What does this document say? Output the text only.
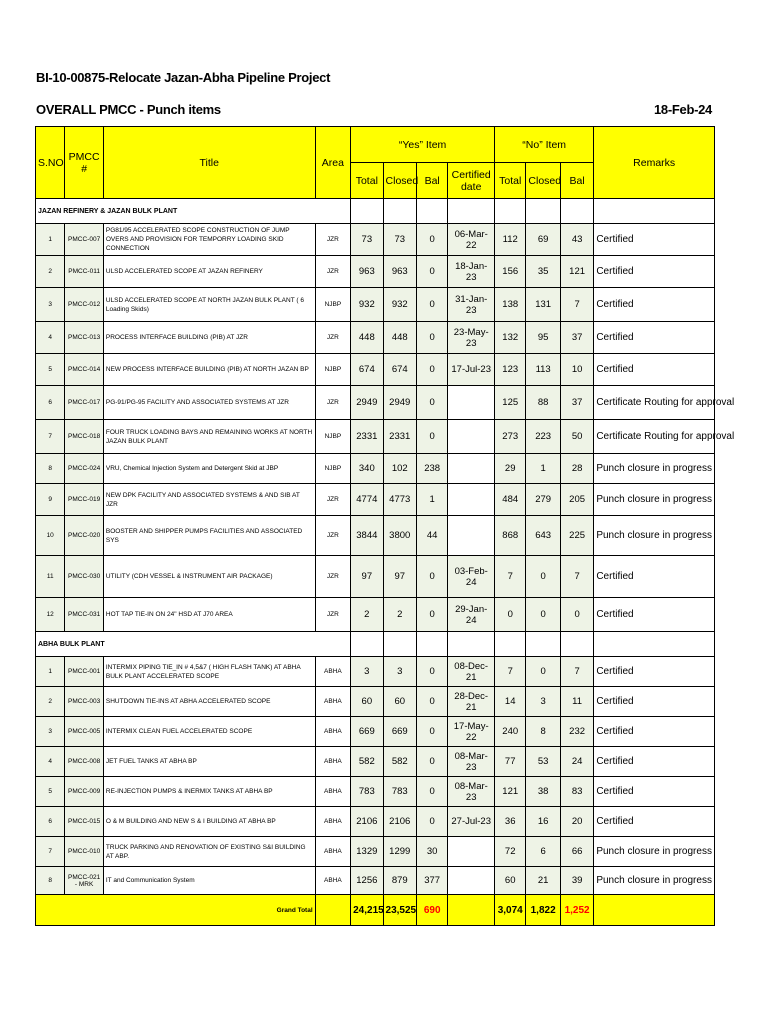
BI-10-00875-Relocate Jazan-Abha Pipeline Project
OVERALL PMCC - Punch items	18-Feb-24
S.NO	PMCC #	Title	Area	“Yes” Item				“No” Item			Remarks
				Total	Closed	Bal	Certified date	Total	Closed	Bal	
JAZAN REFINERY & JAZAN BULK PLANT											
1	PMCC-007	PG81/95 ACCELERATED SCOPE CONSTRUCTION OF JUMP OVERS AND PROVISION FOR TEMPORRY LOADING SKID CONNECTION	JZR	73	73	0	06-Mar-22	112	69	43	Certified
2	PMCC-011	ULSD ACCELERATED SCOPE AT JAZAN REFINERY	JZR	963	963	0	18-Jan-23	156	35	121	Certified
3	PMCC-012	ULSD ACCELERATED SCOPE AT NORTH JAZAN BULK PLANT ( 6 Loading Skids)	NJBP	932	932	0	31-Jan-23	138	131	7	Certified
4	PMCC-013	PROCESS INTERFACE BUILDING (PIB) AT JZR	JZR	448	448	0	23-May-23	132	95	37	Certified
5	PMCC-014	NEW PROCESS INTERFACE BUILDING (PIB) AT NORTH JAZAN BP	NJBP	674	674	0	17-Jul-23	123	113	10	Certified
6	PMCC-017	PG-91/PG-95 FACILITY AND ASSOCIATED SYSTEMS AT JZR	JZR	2949	2949	0		125	88	37	Certificate Routing for approval
7	PMCC-018	FOUR TRUCK LOADING BAYS AND REMAINING WORKS AT NORTH JAZAN BULK PLANT	NJBP	2331	2331	0		273	223	50	Certificate Routing for approval
8	PMCC-024	VRU, Chemical Injection System and Detergent Skid at JBP	NJBP	340	102	238		29	1	28	Punch closure in progress
9	PMCC-019	NEW DPK FACILITY AND ASSOCIATED SYSTEMS & AND SIB AT JZR	JZR	4774	4773	1		484	279	205	Punch closure in progress
10	PMCC-020	BOOSTER AND SHIPPER PUMPS FACILITIES AND ASSOCIATED SYS	JZR	3844	3800	44		868	643	225	Punch closure in progress
11	PMCC-030	UTILITY (CDH VESSEL & INSTRUMENT AIR PACKAGE)	JZR	97	97	0	03-Feb-24	7	0	7	Certified
12	PMCC-031	HOT TAP TIE-IN ON 24" HSD AT J70 AREA	JZR	2	2	0	29-Jan-24	0	0	0	Certified
ABHA BULK PLANT											
1	PMCC-001	INTERMIX PIPING TIE_IN # 4,5&7 ( HIGH FLASH TANK) AT ABHA BULK PLANT ACCELERATED SCOPE	ABHA	3	3	0	08-Dec-21	7	0	7	Certified
2	PMCC-003	SHUTDOWN TIE-INS AT ABHA ACCELERATED SCOPE	ABHA	60	60	0	28-Dec-21	14	3	11	Certified
3	PMCC-005	INTERMIX CLEAN FUEL ACCELERATED SCOPE	ABHA	669	669	0	17-May-22	240	8	232	Certified
4	PMCC-008	JET FUEL TANKS AT ABHA BP	ABHA	582	582	0	08-Mar-23	77	53	24	Certified
5	PMCC-009	RE-INJECTION PUMPS & INERMIX TANKS AT ABHA BP	ABHA	783	783	0	08-Mar-23	121	38	83	Certified
6	PMCC-015	O & M BUILDING AND NEW S & I BUILDING AT ABHA BP	ABHA	2106	2106	0	27-Jul-23	36	16	20	Certified
7	PMCC-010	TRUCK PARKING AND RENOVATION OF EXISTING S&I BUILDING AT ABP.	ABHA	1329	1299	30		72	6	66	Punch closure in progress
8	PMCC-021 - MRK	IT and Communication System	ABHA	1256	879	377		60	21	39	Punch closure in progress
Grand Total				24,215	23,525	690		3,074	1,822	1,252	
